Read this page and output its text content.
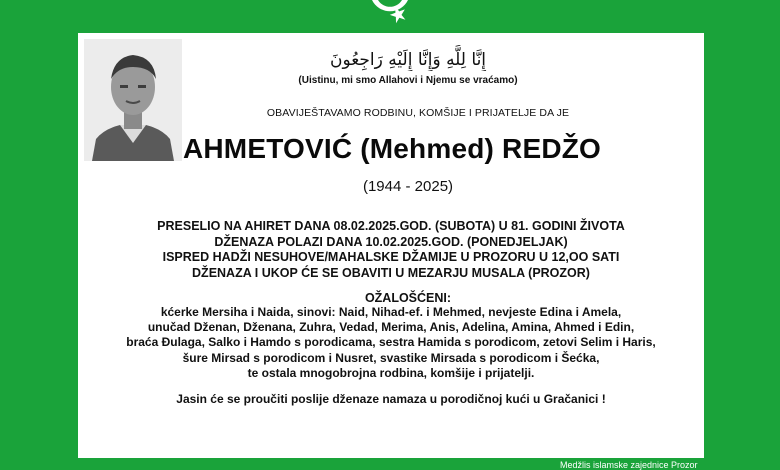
إِنَّا لِلَّهِ وَإِنَّا إِلَيْهِ رَاجِعُونَ
(Uistinu, mi smo Allahovi i Njemu se vraćamo)
OBAVIJEŠTAVAMO RODBINU, KOMŠIJE I PRIJATELJE DA JE
AHMETOVIĆ (Mehmed) REDŽO
(1944 - 2025)
PRESELIO NA AHIRET DANA 08.02.2025.GOD. (SUBOTA) U 81. GODINI ŽIVOTA
DŽENAZA POLAZI DANA 10.02.2025.GOD. (PONEDJELJAK)
ISPRED HADŽI NESUHOVE/MAHALSKE DŽAMIJE U PROZORU U 12,OO SATI
DŽENAZA I UKOP ĆE SE OBAVITI U MEZARJU MUSALA (PROZOR)
OŽALOŠĆENI:
kćerke Mersiha i Naida, sinovi: Naid, Nihad-ef. i Mehmed, nevjeste Edina i Amela,
unučad Dženan, Dženana, Zuhra, Vedad, Merima, Anis, Adelina, Amina, Ahmed i Edin,
braća Ðulaga, Salko i Hamdo s porodicama, sestra Hamida s porodicom, zetovi Selim i Haris,
šure Mirsad s porodicom i Nusret, svastike Mirsada s porodicom i Šećka,
te ostala mnogobrojna rodbina, komšije i prijatelji.
Jasin će se proučiti poslije dženaze namaza u porodičnoj kući u Gračanici !
Medžlis islamske zajednice Prozor
